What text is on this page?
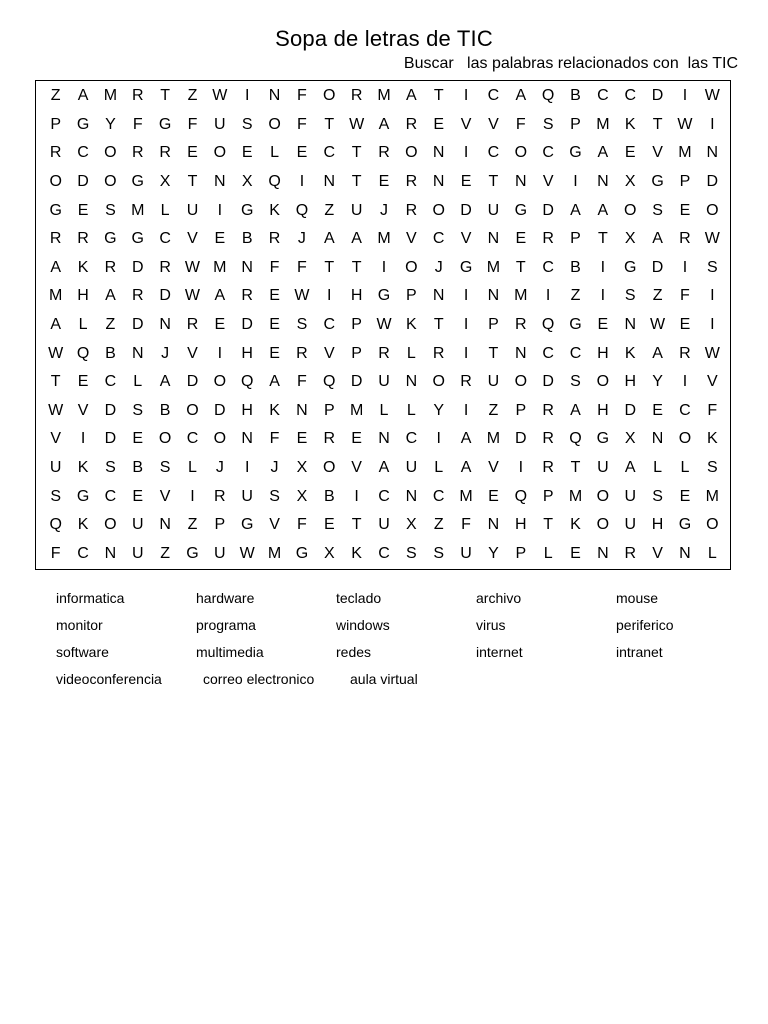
Sopa de letras de TIC
Buscar   las palabras relacionados con  las TIC
Z	A M R	T	Z W	I	N	F	O R M A	T	I	C	A Q B	C C D	I	W
P G Y	F	G	F	U	S O	F	T W A	R	E	V	V	F	S	P M K	T W	I
R C O R R	E O E	L	E	C	T	R O N	I	C O C G A	E	V M N
O D O G X	T	N	X Q	I	N	T	E	R N	E	T	N	V	I	N	X G P	D
G E	S M	L	U	I	G K Q	Z	U	J	R O D U G D	A	A O S	E O
R R G G C	V	E	B	R	J	A	A M V	C	V	N	E	R	P	T	X	A	R W
A	K	R D R W M N	F	F	T	T	I	O	J	G M T	C	B	I	G D	I	S
M H	A	R D W A	R	E W	I	H G P	N	I	N M	I	Z	I	S	Z	F	I
A	L	Z	D N R	E	D	E	S	C	P W K	T	I	P	R Q G E	N W E	I
W Q B	N	J	V	I	H	E	R	V	P	R	L	R	I	T	N C C H	K	A	R W
T	E	C	L	A	D O Q A	F	Q D U N O R U O D	S O H	Y	I	V
W V	D	S	B O D H	K	N	P M	L	L	Y	I	Z	P	R	A	H D	E	C	F
V	I	D	E O C O N	F	E	R	E	N C	I	A M D R Q G X	N O K
U	K	S	B	S	L	J	I	J	X O V	A	U	L	A	V	I	R	T	U	A	L	L	S
S G C	E	V	I	R U	S	X	B	I	C N C M E Q P M O U	S	E M
Q K O U N	Z	P G V	F	E	T	U	X	Z	F	N H	T	K O U H G O
F	C N U	Z	G U W M G X	K	C	S	S	U	Y	P	L	E	N R	V	N	L
informatica	hardware	teclado	archivo	mouse
monitor	programa	windows	virus	periferico
software	multimedia	redes	internet	intranet
videoconferencia	correo electronico	aula virtual
